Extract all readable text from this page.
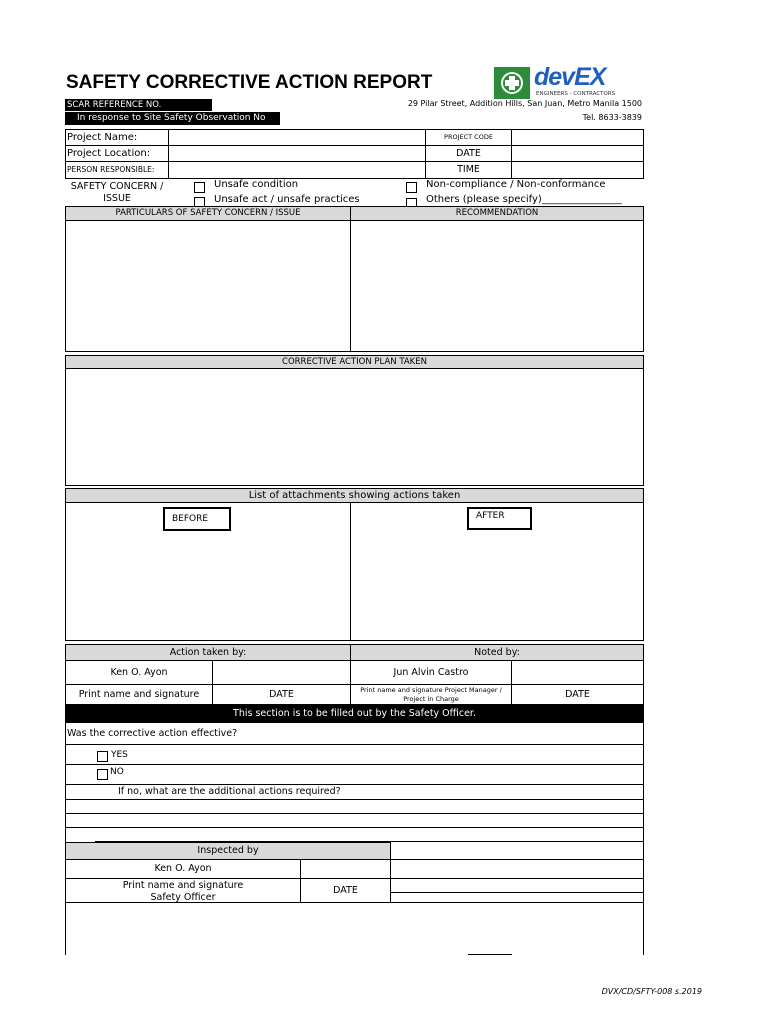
SAFETY CORRECTIVE ACTION REPORT	devEX
ENGINEERS - CONTRACTORS
SCAR REFERENCE NO.
In response to Site Safety Observation No
29 Pilar Street, Addition Hills, San Juan, Metro Manila 1500
Tel. 8633-3839
Project Name:	PROJECT CODE
Project Location:	DATE
PERSON RESPONSIBLE:	TIME
SAFETY CONCERN /
ISSUE
Unsafe condition
Unsafe act / unsafe practices
Non-compliance / Non-conformance
Others (please specify)________________
PARTICULARS OF SAFETY CONCERN / ISSUE	RECOMMENDATION
CORRECTIVE ACTION PLAN TAKEN
List of attachments showing actions taken
BEFORE	AFTER
Action taken by:	Noted by:
Ken O. Ayon	Jun Alvin Castro
Print name and signature	DATE	Print name and signature Project Manager / Project in Charge	DATE
This section is to be filled out by the Safety Officer.
Was the corrective action effective?
YES
NO
If no, what are the additional actions required?
Inspected by
Ken O. Ayon
Print name and signature
Safety Officer
DATE
DVX/CD/SFTY-008 s.2019
